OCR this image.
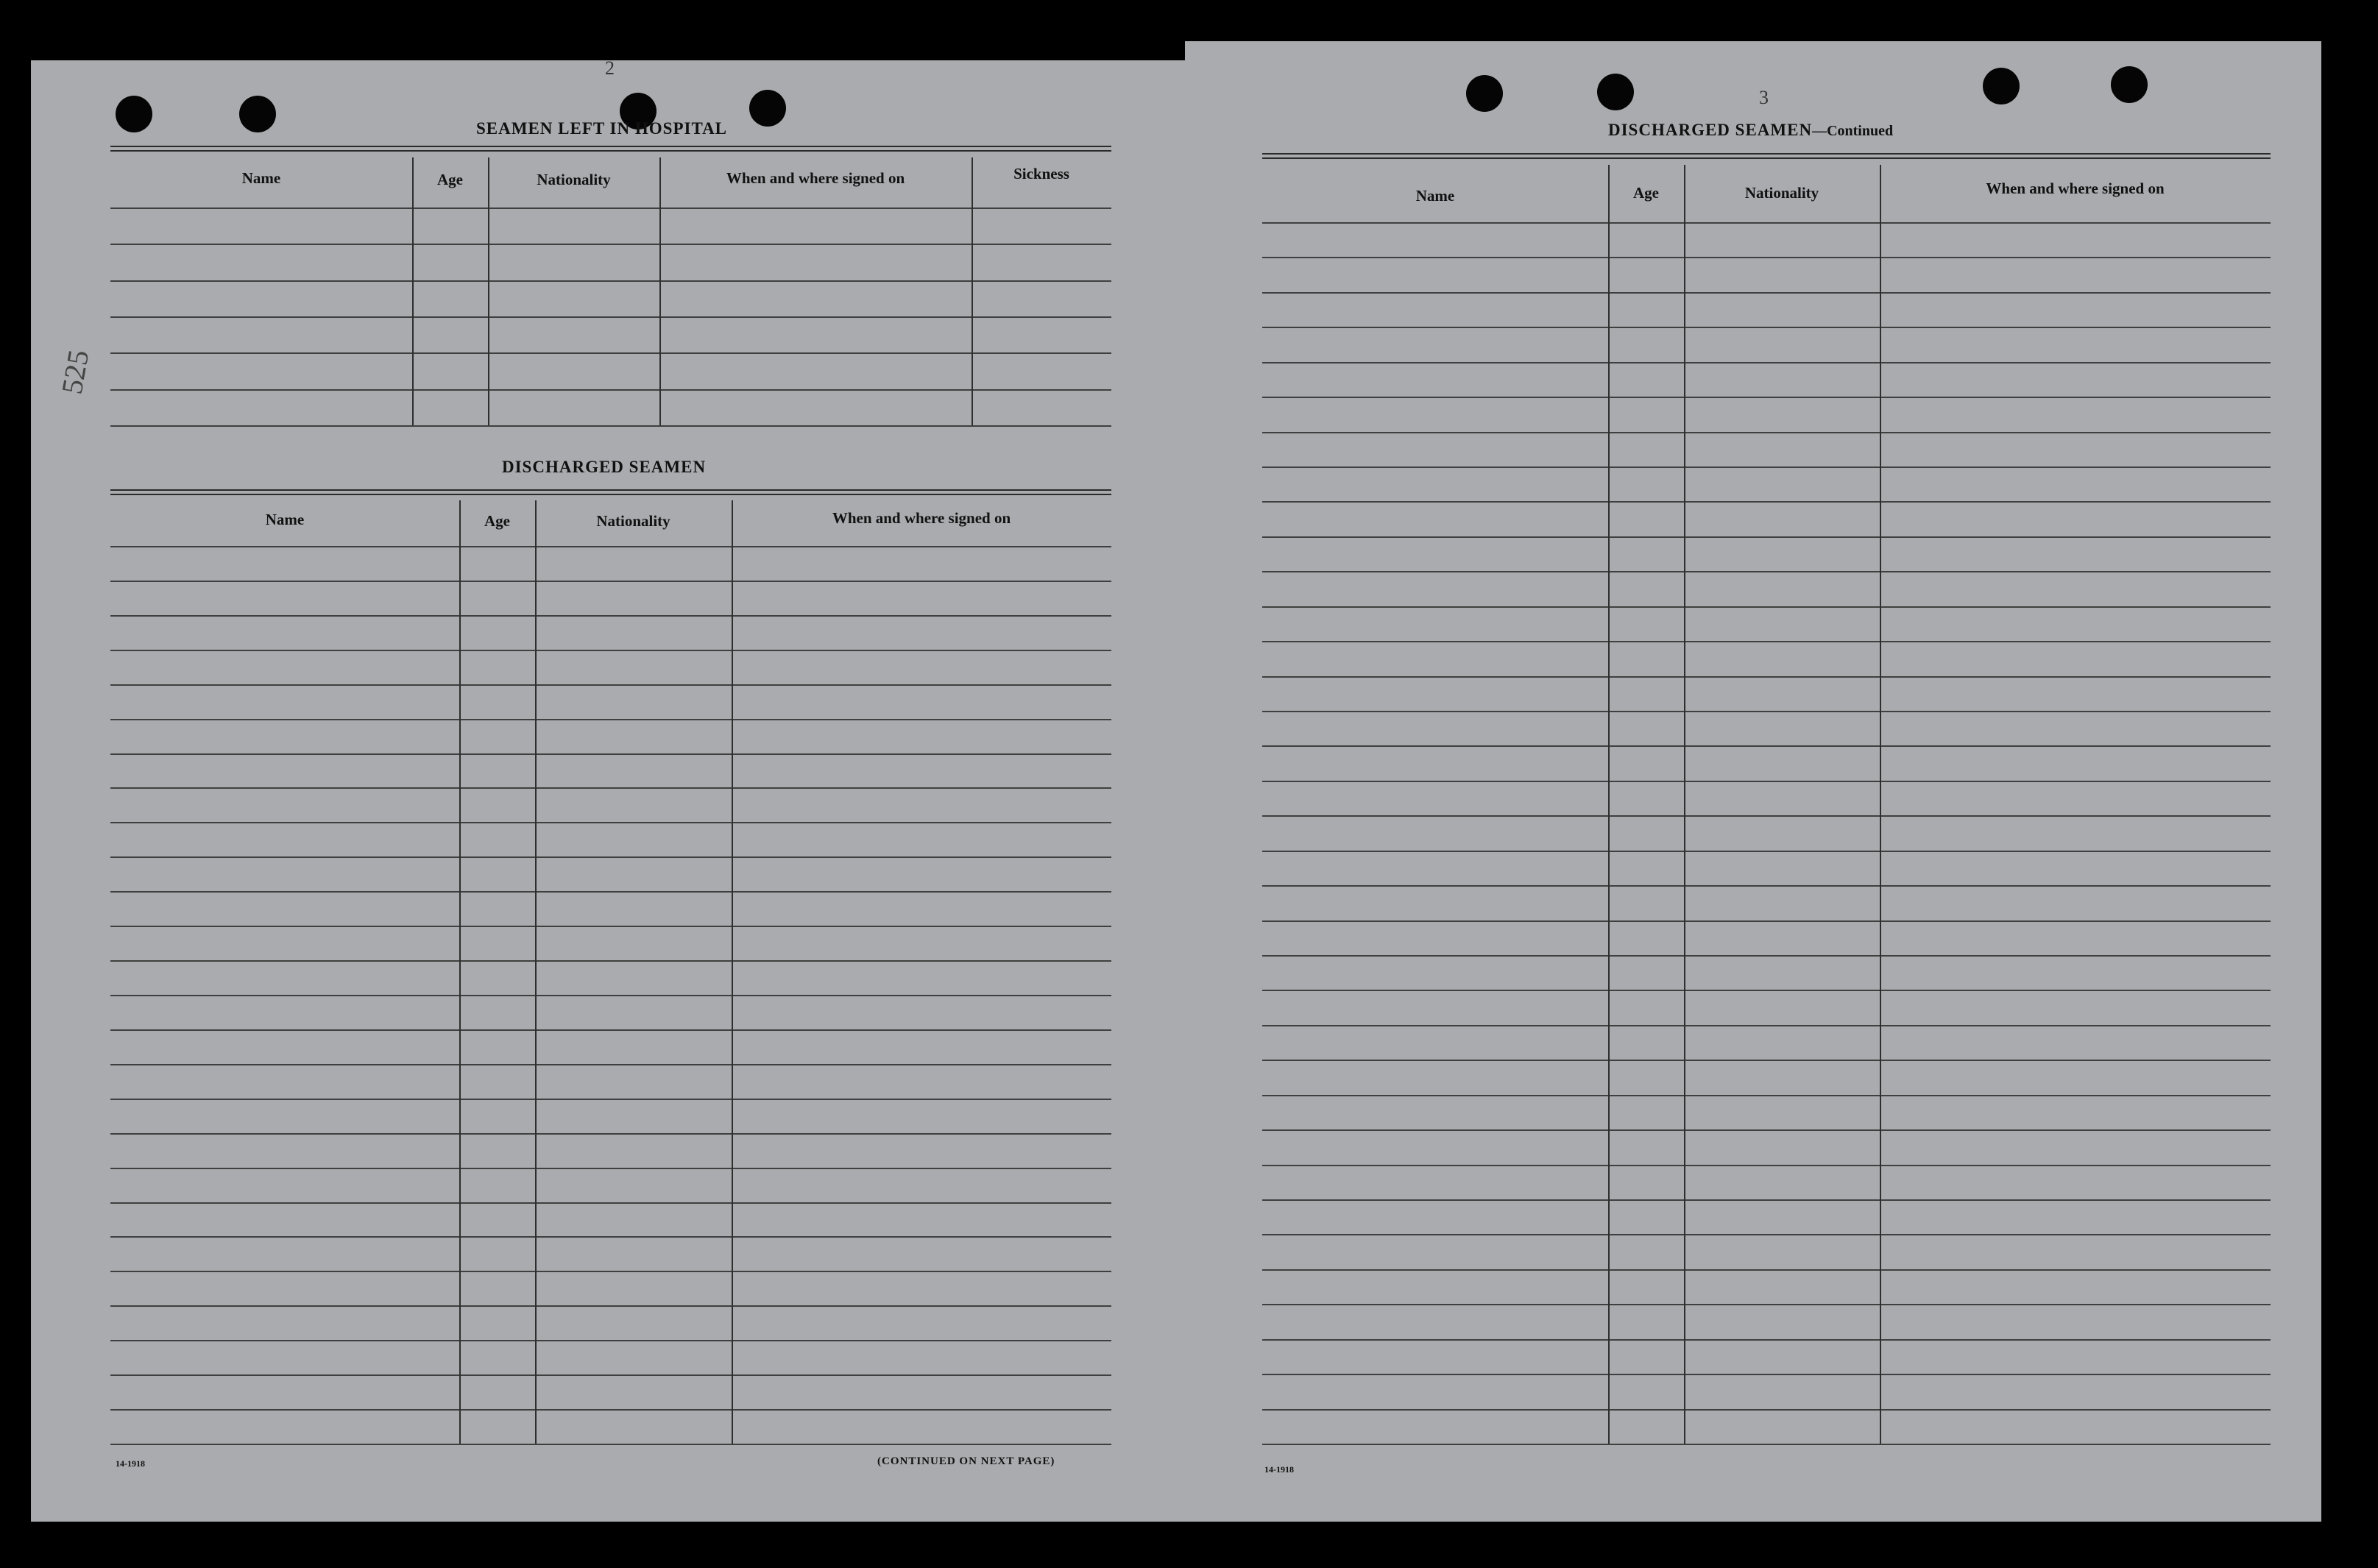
2
525
SEAMEN LEFT IN HOSPITAL
Name	Age	Nationality	When and where signed on	Sickness
DISCHARGED SEAMEN
Name	Age	Nationality	When and where signed on
14-1918	(CONTINUED ON NEXT PAGE)
3
DISCHARGED SEAMEN—Continued
Name	Age	Nationality	When and where signed on
14-1918
